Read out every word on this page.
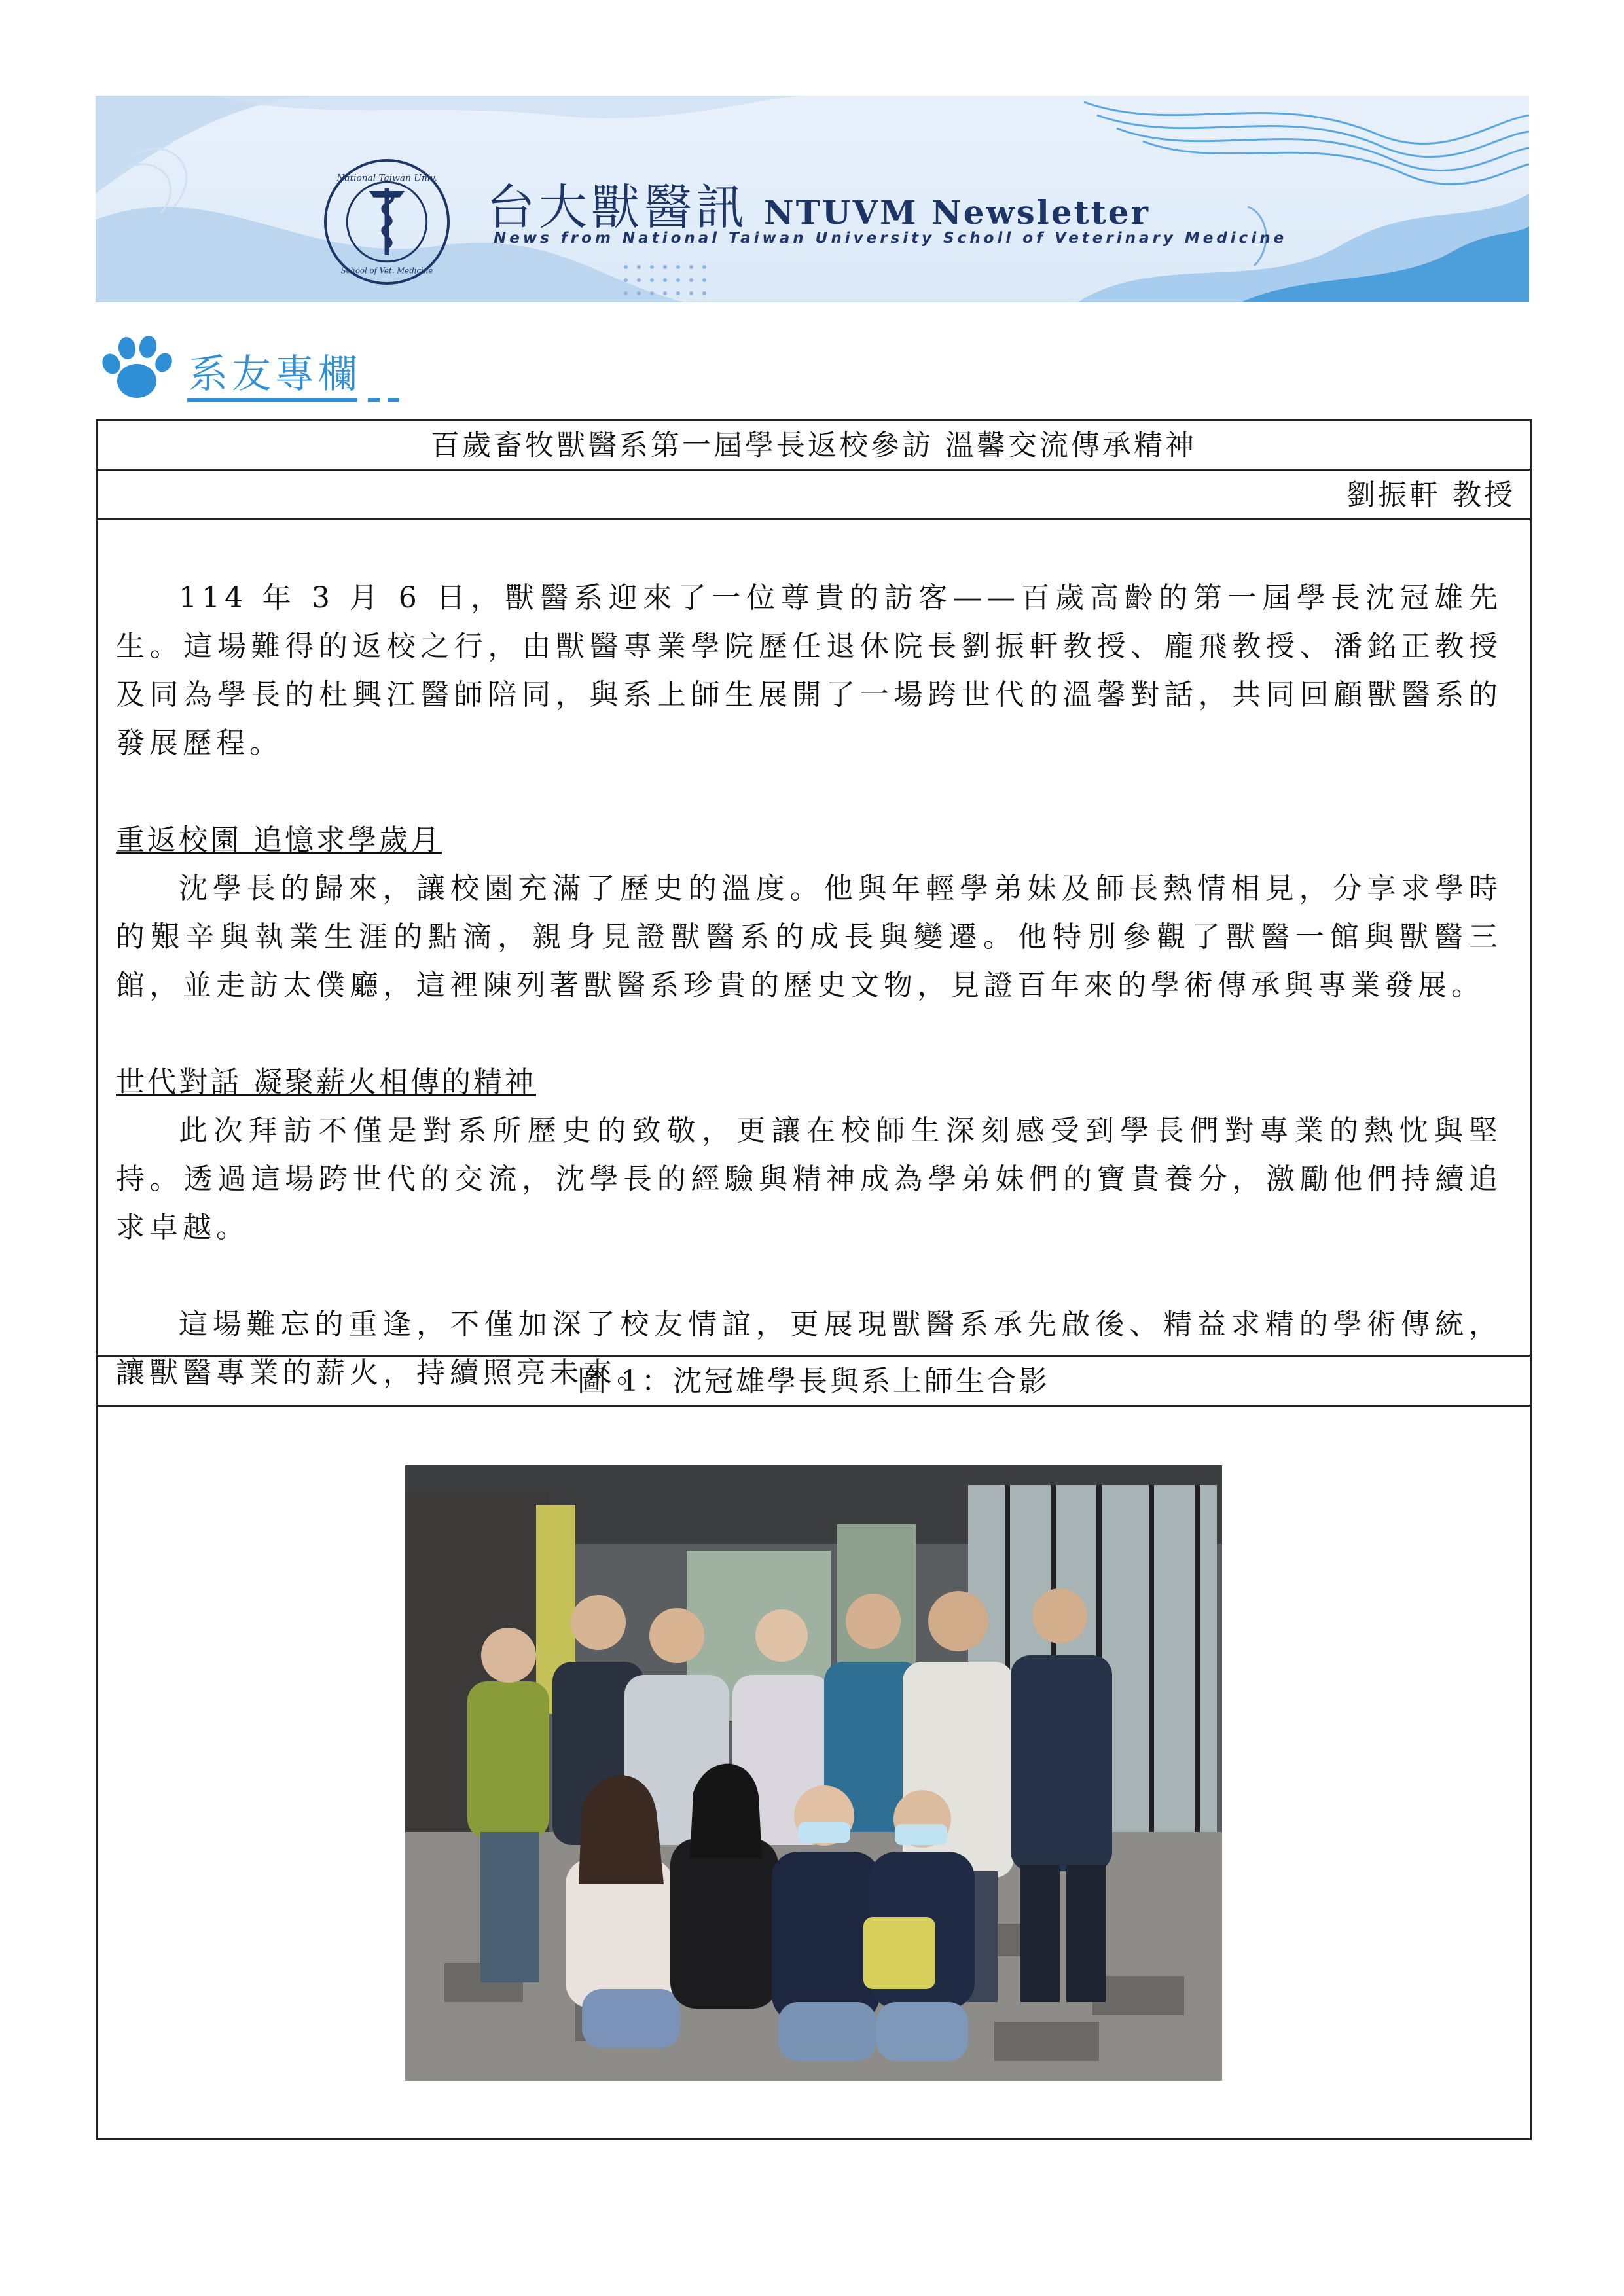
National Taiwan Univ.
School of Vet. Medicine
台大獸醫訊 NTUVM Newsletter
News from National Taiwan University Scholl of Veterinary Medicine
系友專欄
百歲畜牧獸醫系第一屆學長返校參訪 溫馨交流傳承精神
劉振軒 教授

114 年 3 月 6 日，獸醫系迎來了一位尊貴的訪客——百歲高齡的第一屆學長沈冠雄先生。這場難得的返校之行，由獸醫專業學院歷任退休院長劉振軒教授、龐飛教授、潘銘正教授及同為學長的杜興江醫師陪同，與系上師生展開了一場跨世代的溫馨對話，共同回顧獸醫系的發展歷程。

重返校園 追憶求學歲月

沈學長的歸來，讓校園充滿了歷史的溫度。他與年輕學弟妹及師長熱情相見，分享求學時的艱辛與執業生涯的點滴，親身見證獸醫系的成長與變遷。他特別參觀了獸醫一館與獸醫三館，並走訪太僕廳，這裡陳列著獸醫系珍貴的歷史文物，見證百年來的學術傳承與專業發展。

世代對話 凝聚薪火相傳的精神

此次拜訪不僅是對系所歷史的致敬，更讓在校師生深刻感受到學長們對專業的熱忱與堅持。透過這場跨世代的交流，沈學長的經驗與精神成為學弟妹們的寶貴養分，激勵他們持續追求卓越。

這場難忘的重逢，不僅加深了校友情誼，更展現獸醫系承先啟後、精益求精的學術傳統，讓獸醫專業的薪火，持續照亮未來。

圖 1：沈冠雄學長與系上師生合影
